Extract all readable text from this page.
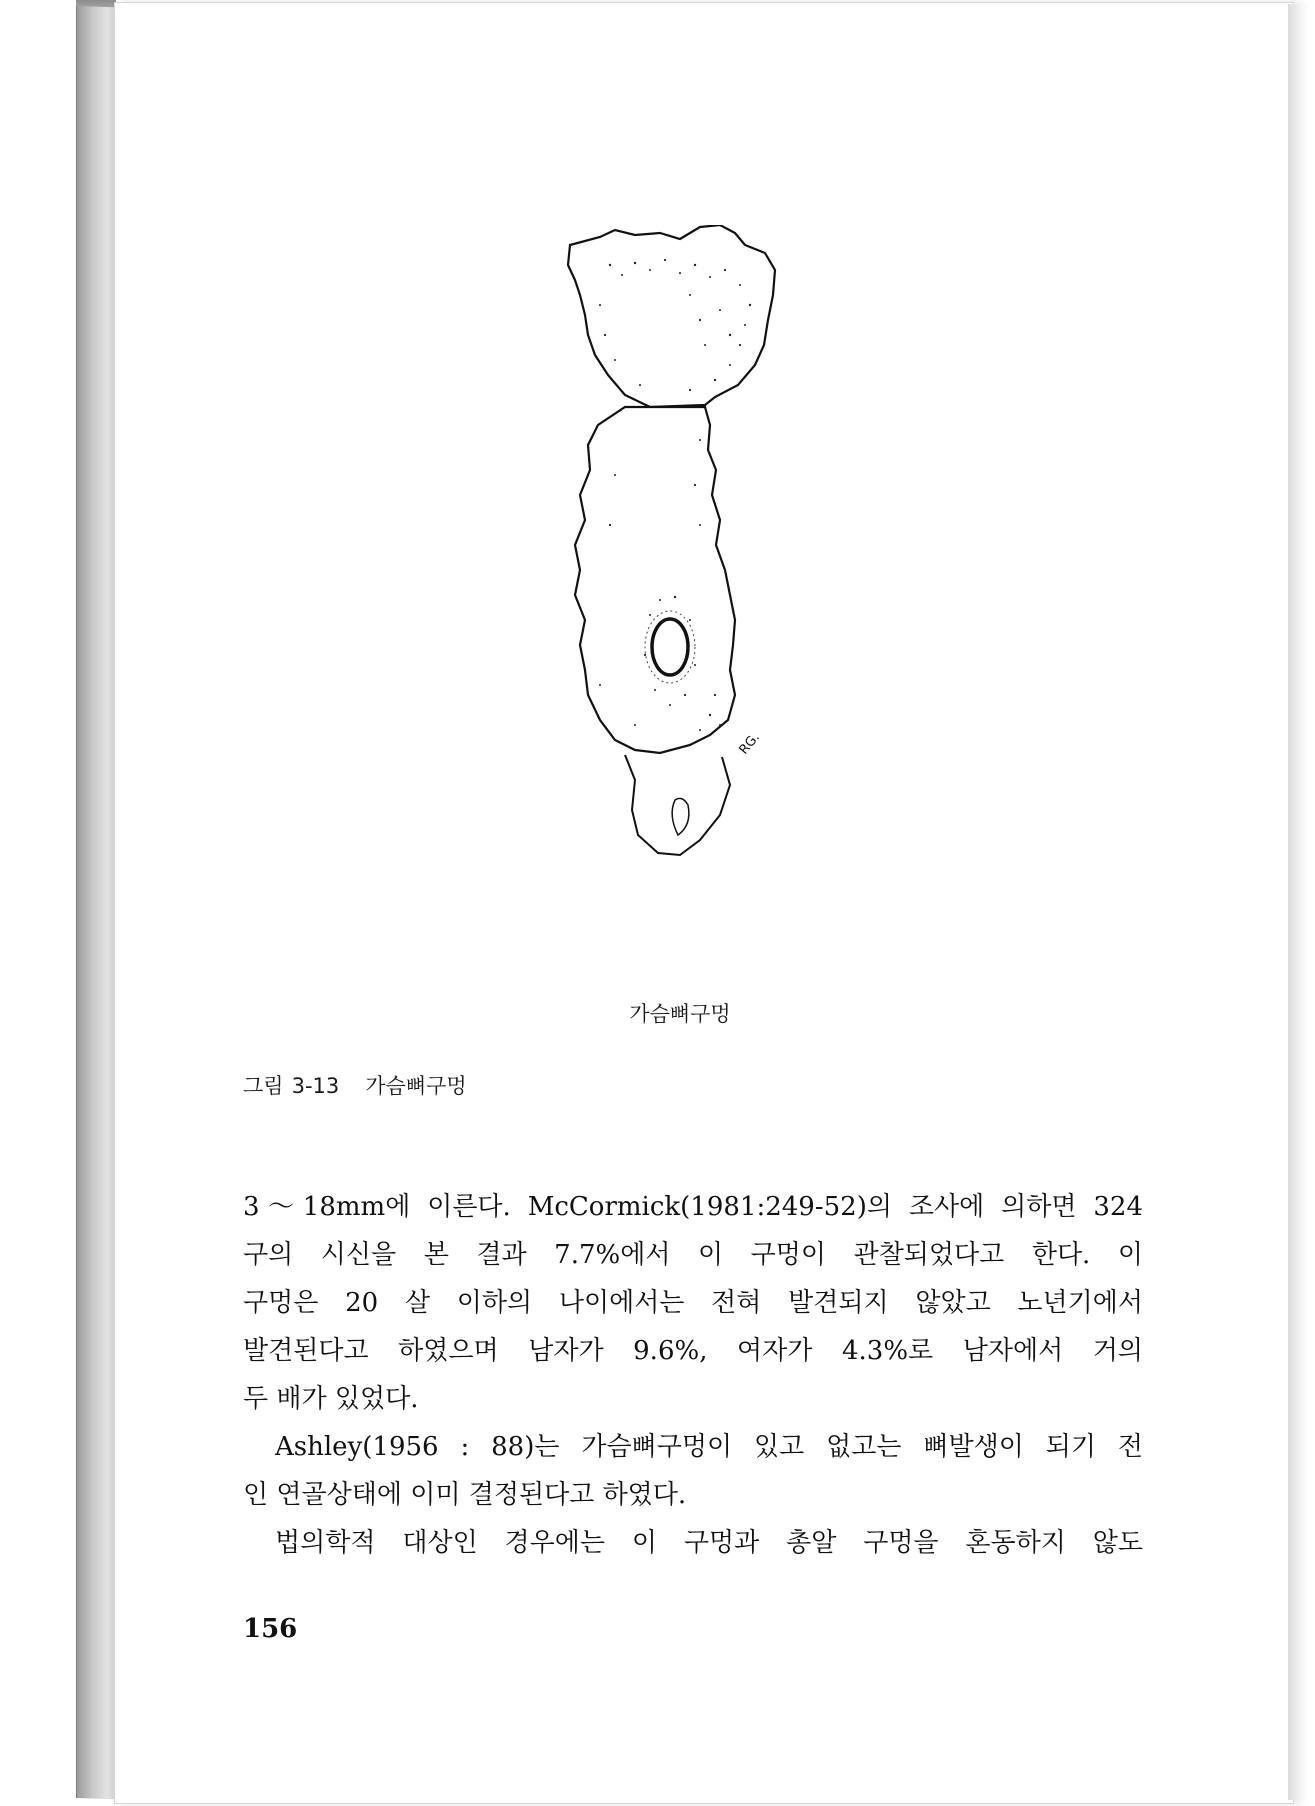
RG.
가슴뼈구멍
그림 3-13 가슴뼈구멍
3～18mm에 이른다. McCormick(1981:249-52)의 조사에 의하면 324
구의 시신을 본 결과 7.7%에서 이 구멍이 관찰되었다고 한다. 이
구멍은 20 살 이하의 나이에서는 전혀 발견되지 않았고 노년기에서
발견된다고 하였으며 남자가 9.6%, 여자가 4.3%로 남자에서 거의
두 배가 있었다.
Ashley(1956 : 88)는 가슴뼈구멍이 있고 없고는 뼈발생이 되기 전
인 연골상태에 이미 결정된다고 하였다.
법의학적 대상인 경우에는 이 구멍과 총알 구멍을 혼동하지 않도
156
